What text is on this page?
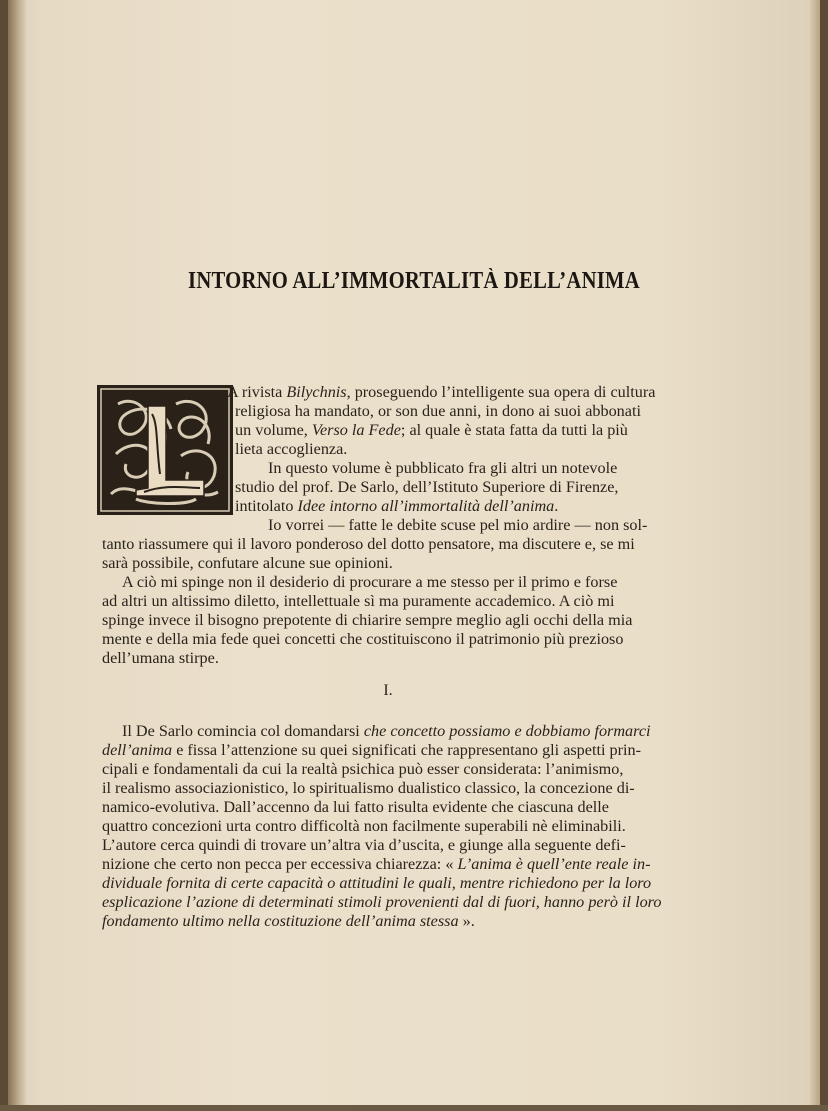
INTORNO ALL’IMMORTALITÀ DELL’ANIMA
A rivista Bilychnis, proseguendo l’intelligente sua opera di cultura
religiosa ha mandato, or son due anni, in dono ai suoi abbonati
un volume, Verso la Fede; al quale è stata fatta da tutti la più
lieta accoglienza.
In questo volume è pubblicato fra gli altri un notevole
studio del prof. De Sarlo, dell’Istituto Superiore di Firenze,
intitolato Idee intorno all’immortalità dell’anima.
Io vorrei — fatte le debite scuse pel mio ardire — non sol-
tanto riassumere qui il lavoro ponderoso del dotto pensatore, ma discutere e, se mi
sarà possibile, confutare alcune sue opinioni.
A ciò mi spinge non il desiderio di procurare a me stesso per il primo e forse
ad altri un altissimo diletto, intellettuale sì ma puramente accademico. A ciò mi
spinge invece il bisogno prepotente di chiarire sempre meglio agli occhi della mia
mente e della mia fede quei concetti che costituiscono il patrimonio più prezioso
dell’umana stirpe.
I.
Il De Sarlo comincia col domandarsi che concetto possiamo e dobbiamo formarci
dell’anima e fissa l’attenzione su quei significati che rappresentano gli aspetti prin-
cipali e fondamentali da cui la realtà psichica può esser considerata: l’animismo,
il realismo associazionistico, lo spiritualismo dualistico classico, la concezione di-
namico-evolutiva. Dall’accenno da lui fatto risulta evidente che ciascuna delle
quattro concezioni urta contro difficoltà non facilmente superabili nè eliminabili.
L’autore cerca quindi di trovare un’altra via d’uscita, e giunge alla seguente defi-
nizione che certo non pecca per eccessiva chiarezza: « L’anima è quell’ente reale in-
dividuale fornita di certe capacità o attitudini le quali, mentre richiedono per la loro
esplicazione l’azione di determinati stimoli provenienti dal di fuori, hanno però il loro
fondamento ultimo nella costituzione dell’anima stessa ».
